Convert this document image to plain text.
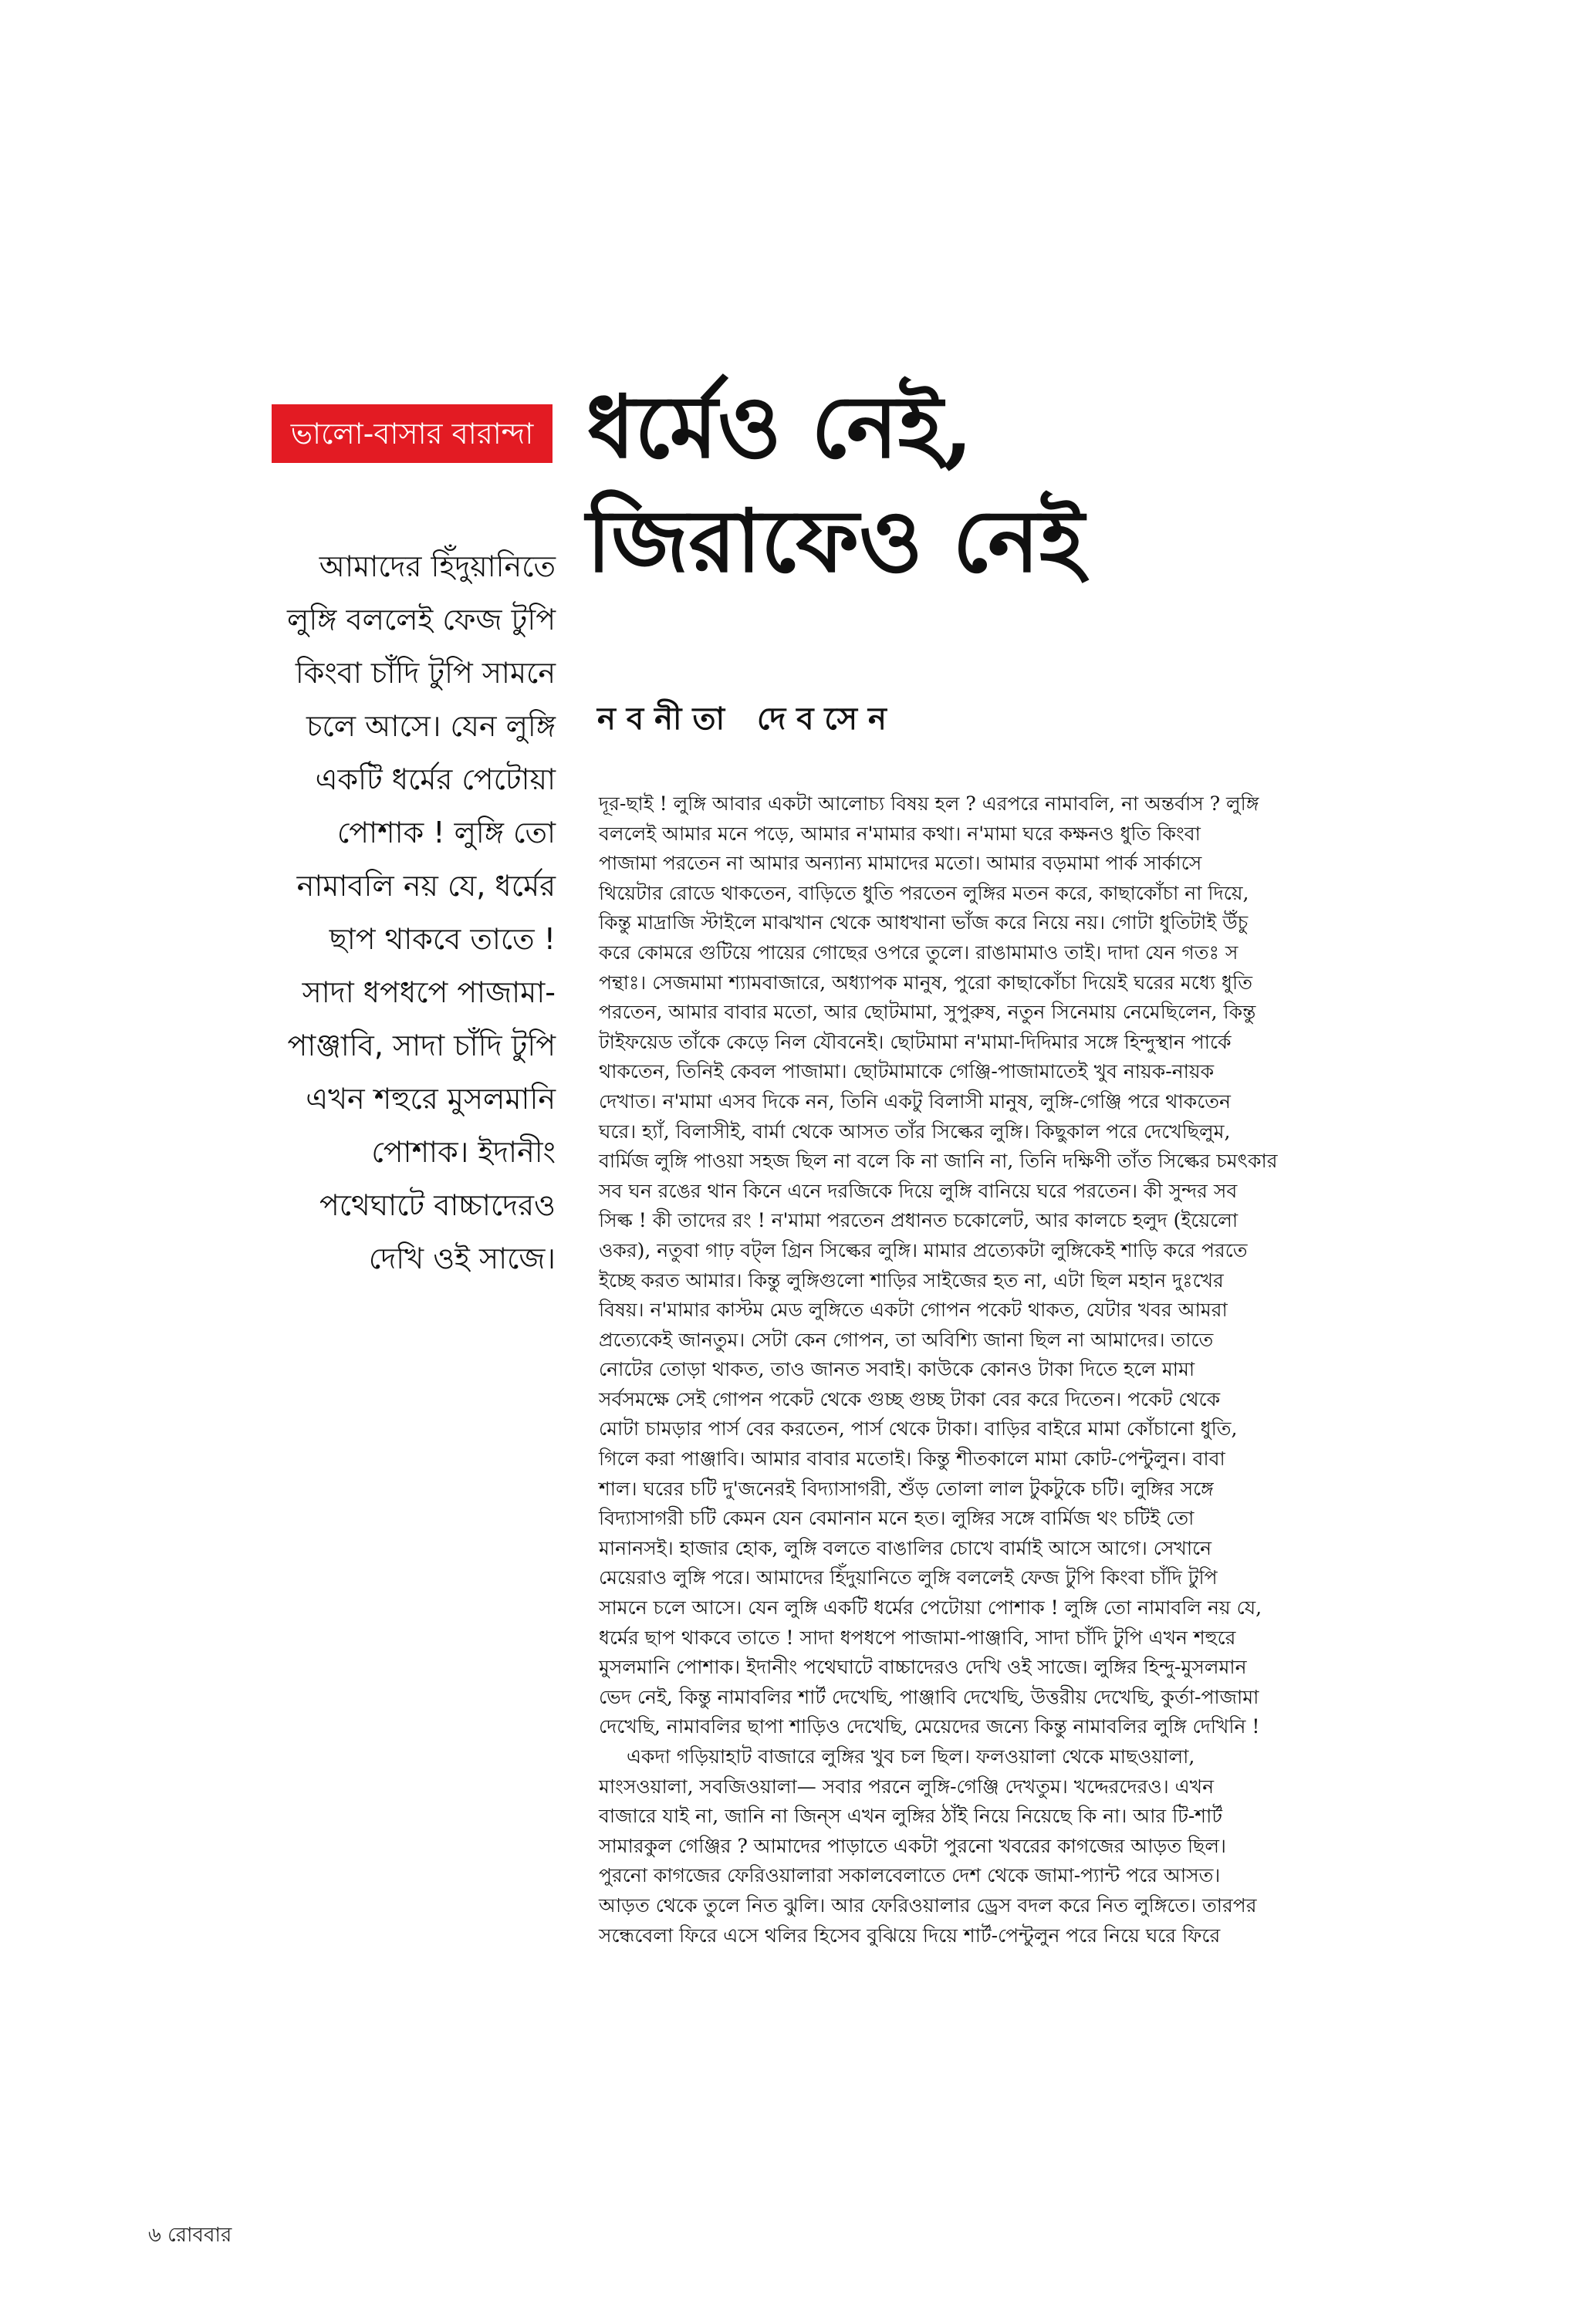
ভালো-বাসার বারান্দা ধর্মেও নেই,
জিরাফেও নেই
নবনীতা দেবসেন
আমাদের হিঁদুয়ানিতে
লুঙ্গি বললেই ফেজ টুপি
কিংবা চাঁদি টুপি সামনে
চলে আসে। যেন লুঙ্গি
একটি ধর্মের পেটোয়া
পোশাক ! লুঙ্গি তো
নামাবলি নয় যে, ধর্মের
ছাপ থাকবে তাতে !
সাদা ধপধপে পাজামা-
পাঞ্জাবি, সাদা চাঁদি টুপি
এখন শহুরে মুসলমানি
পোশাক। ইদানীং
পথেঘাটে বাচ্চাদেরও
দেখি ওই সাজে।
দূর-ছাই ! লুঙ্গি আবার একটা আলোচ্য বিষয় হল ? এরপরে নামাবলি, না অন্তর্বাস ? লুঙ্গি
বললেই আমার মনে পড়ে, আমার ন'মামার কথা। ন'মামা ঘরে কক্ষনও ধুতি কিংবা
পাজামা পরতেন না আমার অন্যান্য মামাদের মতো। আমার বড়মামা পার্ক সার্কাসে
থিয়েটার রোডে থাকতেন, বাড়িতে ধুতি পরতেন লুঙ্গির মতন করে, কাছাকোঁচা না দিয়ে,
কিন্তু মাদ্রাজি স্টাইলে মাঝখান থেকে আধখানা ভাঁজ করে নিয়ে নয়। গোটা ধুতিটাই উঁচু
করে কোমরে গুটিয়ে পায়ের গোছের ওপরে তুলে। রাঙামামাও তাই। দাদা যেন গতঃ স
পন্থাঃ। সেজমামা শ্যামবাজারে, অধ্যাপক মানুষ, পুরো কাছাকোঁচা দিয়েই ঘরের মধ্যে ধুতি
পরতেন, আমার বাবার মতো, আর ছোটমামা, সুপুরুষ, নতুন সিনেমায় নেমেছিলেন, কিন্তু
টাইফয়েড তাঁকে কেড়ে নিল যৌবনেই। ছোটমামা ন'মামা-দিদিমার সঙ্গে হিন্দুস্থান পার্কে
থাকতেন, তিনিই কেবল পাজামা। ছোটমামাকে গেঞ্জি-পাজামাতেই খুব নায়ক-নায়ক
দেখাত। ন'মামা এসব দিকে নন, তিনি একটু বিলাসী মানুষ, লুঙ্গি-গেঞ্জি পরে থাকতেন
ঘরে। হ্যাঁ, বিলাসীই, বার্মা থেকে আসত তাঁর সিল্কের লুঙ্গি। কিছুকাল পরে দেখেছিলুম,
বার্মিজ লুঙ্গি পাওয়া সহজ ছিল না বলে কি না জানি না, তিনি দক্ষিণী তাঁত সিল্কের চমৎকার
সব ঘন রঙের থান কিনে এনে দরজিকে দিয়ে লুঙ্গি বানিয়ে ঘরে পরতেন। কী সুন্দর সব
সিল্ক ! কী তাদের রং ! ন'মামা পরতেন প্রধানত চকোলেট, আর কালচে হলুদ (ইয়েলো
ওকর), নতুবা গাঢ় বট্‌ল গ্রিন সিল্কের লুঙ্গি। মামার প্রত্যেকটা লুঙ্গিকেই শাড়ি করে পরতে
ইচ্ছে করত আমার। কিন্তু লুঙ্গিগুলো শাড়ির সাইজের হত না, এটা ছিল মহান দুঃখের
বিষয়। ন'মামার কাস্টম মেড লুঙ্গিতে একটা গোপন পকেট থাকত, যেটার খবর আমরা
প্রত্যেকেই জানতুম। সেটা কেন গোপন, তা অবিশ্যি জানা ছিল না আমাদের। তাতে
নোটের তোড়া থাকত, তাও জানত সবাই। কাউকে কোনও টাকা দিতে হলে মামা
সর্বসমক্ষে সেই গোপন পকেট থেকে গুচ্ছ গুচ্ছ টাকা বের করে দিতেন। পকেট থেকে
মোটা চামড়ার পার্স বের করতেন, পার্স থেকে টাকা। বাড়ির বাইরে মামা কোঁচানো ধুতি,
গিলে করা পাঞ্জাবি। আমার বাবার মতোই। কিন্তু শীতকালে মামা কোট-পেন্টুলুন। বাবা
শাল। ঘরের চটি দু'জনেরই বিদ্যাসাগরী, শুঁড় তোলা লাল টুকটুকে চটি। লুঙ্গির সঙ্গে
বিদ্যাসাগরী চটি কেমন যেন বেমানান মনে হত। লুঙ্গির সঙ্গে বার্মিজ থং চটিই তো
মানানসই। হাজার হোক, লুঙ্গি বলতে বাঙালির চোখে বার্মাই আসে আগে। সেখানে
মেয়েরাও লুঙ্গি পরে। আমাদের হিঁদুয়ানিতে লুঙ্গি বললেই ফেজ টুপি কিংবা চাঁদি টুপি
সামনে চলে আসে। যেন লুঙ্গি একটি ধর্মের পেটোয়া পোশাক ! লুঙ্গি তো নামাবলি নয় যে,
ধর্মের ছাপ থাকবে তাতে ! সাদা ধপধপে পাজামা-পাঞ্জাবি, সাদা চাঁদি টুপি এখন শহুরে
মুসলমানি পোশাক। ইদানীং পথেঘাটে বাচ্চাদেরও দেখি ওই সাজে। লুঙ্গির হিন্দু-মুসলমান
ভেদ নেই, কিন্তু নামাবলির শার্ট দেখেছি, পাঞ্জাবি দেখেছি, উত্তরীয় দেখেছি, কুর্তা-পাজামা
দেখেছি, নামাবলির ছাপা শাড়িও দেখেছি, মেয়েদের জন্যে কিন্তু নামাবলির লুঙ্গি দেখিনি !
একদা গড়িয়াহাট বাজারে লুঙ্গির খুব চল ছিল। ফলওয়ালা থেকে মাছওয়ালা,
মাংসওয়ালা, সবজিওয়ালা— সবার পরনে লুঙ্গি-গেঞ্জি দেখতুম। খদ্দেরদেরও। এখন
বাজারে যাই না, জানি না জিন্‌স এখন লুঙ্গির ঠাঁই নিয়ে নিয়েছে কি না। আর টি-শার্ট
সামারকুল গেঞ্জির ? আমাদের পাড়াতে একটা পুরনো খবরের কাগজের আড়ত ছিল।
পুরনো কাগজের ফেরিওয়ালারা সকালবেলাতে দেশ থেকে জামা-প্যান্ট পরে আসত।
আড়ত থেকে তুলে নিত ঝুলি। আর ফেরিওয়ালার ড্রেস বদল করে নিত লুঙ্গিতে। তারপর
সন্ধেবেলা ফিরে এসে থলির হিসেব বুঝিয়ে দিয়ে শার্ট-পেন্টুলুন পরে নিয়ে ঘরে ফিরে
৬ রোববার
